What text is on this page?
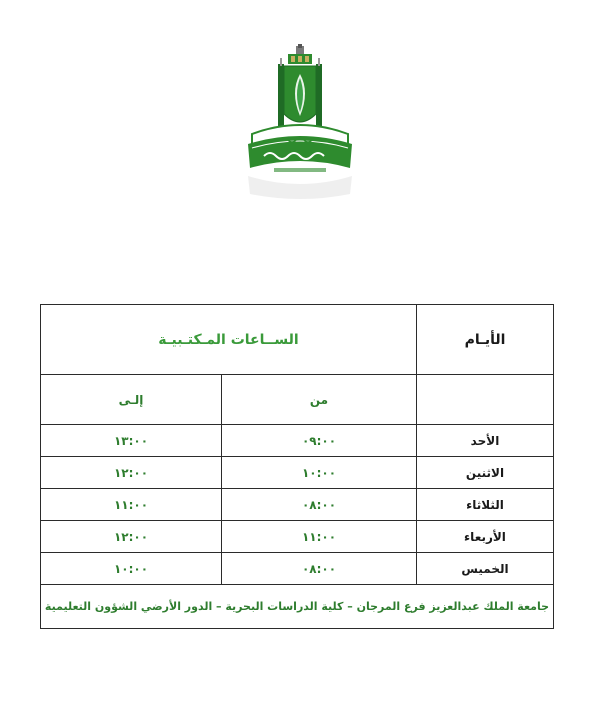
الأيـام	الســاعات المـكتـبيـة	
	من	إلـى
الأحد	٠٩:٠٠	١٣:٠٠
الاثنين	١٠:٠٠	١٢:٠٠
الثلاثاء	٠٨:٠٠	١١:٠٠
الأربعاء	١١:٠٠	١٢:٠٠
الخميس	٠٨:٠٠	١٠:٠٠
جامعة الملك عبدالعزيز فرع المرجان – كلية الدراسات البحرية – الدور الأرضي الشؤون التعليمية		
